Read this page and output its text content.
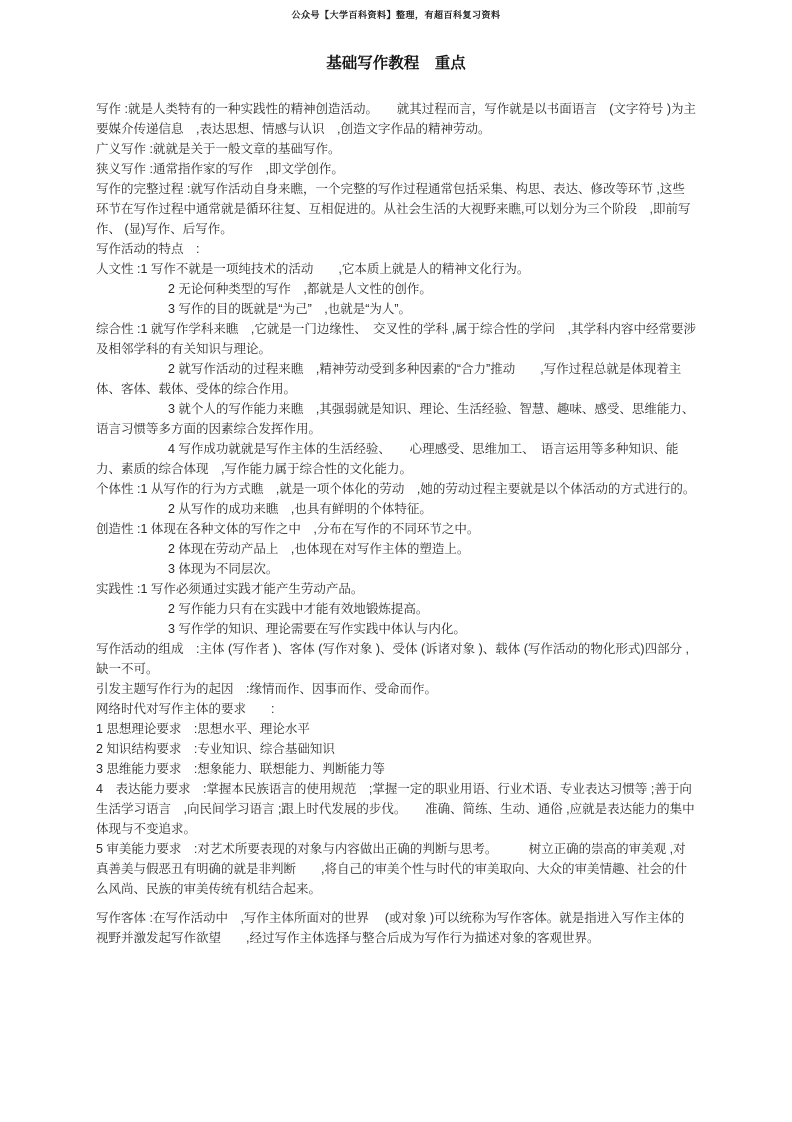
公众号【大学百科资料】整理，有超百科复习资料
基础写作教程　重点

写作 :就是人类特有的一种实践性的精神创造活动。　　就其过程而言，写作就是以书面语言　(文字符号 )为主要媒介传递信息　,表达思想、情感与认识　,创造文字作品的精神劳动。

广义写作 :就就是关于一般文章的基础写作。

狭义写作 :通常指作家的写作　,即文学创作。

写作的完整过程 :就写作活动自身来瞧，一个完整的写作过程通常包括采集、构思、表达、修改等环节 ,这些环节在写作过程中通常就是循环往复、互相促进的。从社会生活的大视野来瞧,可以划分为三个阶段　,即前写作、 (显)写作、后写作。

写作活动的特点　:

人文性 :1 写作不就是一项纯技术的活动　　,它本质上就是人的精神文化行为。

2 无论何种类型的写作　,都就是人文性的创作。

3 写作的目的既就是“为己”　,也就是“为人”。

综合性 :1 就写作学科来瞧　,它就是一门边缘性、　交叉性的学科 ,属于综合性的学问　,其学科内容中经常要涉及相邻学科的有关知识与理论。

2 就写作活动的过程来瞧　,精神劳动受到多种因素的“合力”推动　　,写作过程总就是体现着主体、客体、载体、受体的综合作用。

3 就个人的写作能力来瞧　,其强弱就是知识、理论、生活经验、智慧、趣味、感受、思维能力、语言习惯等多方面的因素综合发挥作用。

4 写作成功就就是写作主体的生活经验、　　心理感受、思维加工、　语言运用等多种知识、能力、素质的综合体现　,写作能力属于综合性的文化能力。

个体性 :1 从写作的行为方式瞧　,就是一项个体化的劳动　,她的劳动过程主要就是以个体活动的方式进行的。

2 从写作的成功来瞧　,也具有鲜明的个体特征。

创造性 :1 体现在各种文体的写作之中　,分布在写作的不同环节之中。

2 体现在劳动产品上　,也体现在对写作主体的塑造上。

3 体现为不同层次。

实践性 :1 写作必须通过实践才能产生劳动产品。

2 写作能力只有在实践中才能有效地锻炼提高。

3 写作学的知识、理论需要在写作实践中体认与内化。

写作活动的组成　:主体 (写作者 )、客体 (写作对象 )、受体 (诉诸对象 )、载体 (写作活动的物化形式)四部分 ,缺一不可。

引发主题写作行为的起因　:缘情而作、因事而作、受命而作。

网络时代对写作主体的要求　　:

1 思想理论要求　:思想水平、理论水平

2 知识结构要求　:专业知识、综合基础知识

3 思维能力要求　:想象能力、联想能力、判断能力等

4　表达能力要求　:掌握本民族语言的使用规范　;掌握一定的职业用语、行业术语、专业表达习惯等 ;善于向生活学习语言　,向民间学习语言 ;跟上时代发展的步伐。　　准确、简练、生动、通俗 ,应就是表达能力的集中体现与不变追求。

5 审美能力要求　:对艺术所要表现的对象与内容做出正确的判断与思考。　　　树立正确的崇高的审美观 ,对真善美与假恶丑有明确的就是非判断　　,将自己的审美个性与时代的审美取向、大众的审美情趣、社会的什么风尚、民族的审美传统有机结合起来。

写作客体 :在写作活动中　,写作主体所面对的世界　 (或对象 )可以统称为写作客体。就是指进入写作主体的视野并激发起写作欲望　　,经过写作主体选择与整合后成为写作行为描述对象的客观世界。
